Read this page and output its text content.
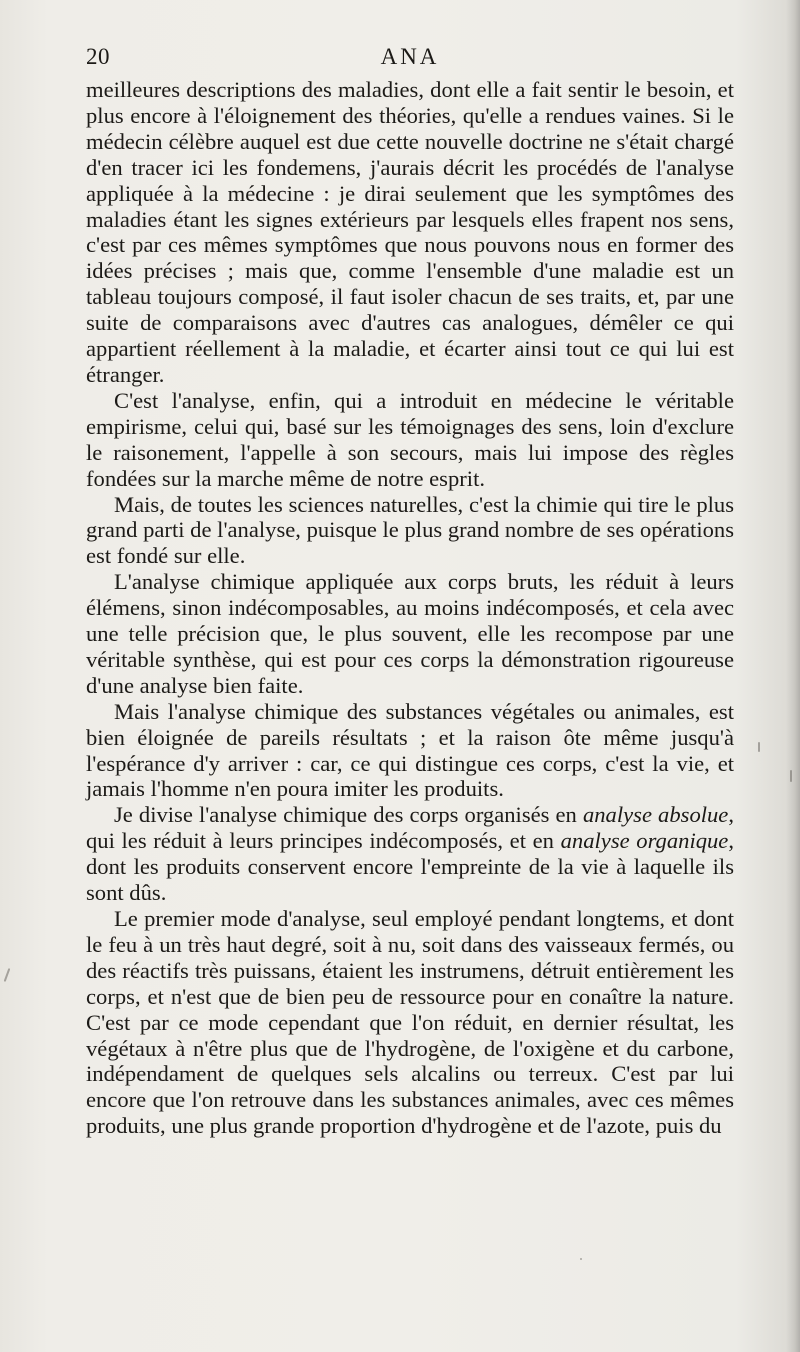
20	ANA

meilleures descriptions des maladies, dont elle a fait sentir le besoin, et plus encore à l'éloignement des théories, qu'elle a rendues vaines. Si le médecin célèbre auquel est due cette nouvelle doctrine ne s'était chargé d'en tracer ici les fondemens, j'aurais décrit les procédés de l'analyse appliquée à la médecine : je dirai seulement que les symptômes des maladies étant les signes extérieurs par lesquels elles frapent nos sens, c'est par ces mêmes symptômes que nous pouvons nous en former des idées précises ; mais que, comme l'ensemble d'une maladie est un tableau toujours composé, il faut isoler chacun de ses traits, et, par une suite de comparaisons avec d'autres cas analogues, démêler ce qui appartient réellement à la maladie, et écarter ainsi tout ce qui lui est étranger.

C'est l'analyse, enfin, qui a introduit en médecine le véritable empirisme, celui qui, basé sur les témoignages des sens, loin d'exclure le raisonement, l'appelle à son secours, mais lui impose des règles fondées sur la marche même de notre esprit.

Mais, de toutes les sciences naturelles, c'est la chimie qui tire le plus grand parti de l'analyse, puisque le plus grand nombre de ses opérations est fondé sur elle.

L'analyse chimique appliquée aux corps bruts, les réduit à leurs élémens, sinon indécomposables, au moins indécomposés, et cela avec une telle précision que, le plus souvent, elle les recompose par une véritable synthèse, qui est pour ces corps la démonstration rigoureuse d'une analyse bien faite.

Mais l'analyse chimique des substances végétales ou animales, est bien éloignée de pareils résultats ; et la raison ôte même jusqu'à l'espérance d'y arriver : car, ce qui distingue ces corps, c'est la vie, et jamais l'homme n'en poura imiter les produits.

Je divise l'analyse chimique des corps organisés en analyse absolue, qui les réduit à leurs principes indécomposés, et en analyse organique, dont les produits conservent encore l'empreinte de la vie à laquelle ils sont dûs.

Le premier mode d'analyse, seul employé pendant longtems, et dont le feu à un très haut degré, soit à nu, soit dans des vaisseaux fermés, ou des réactifs très puissans, étaient les instrumens, détruit entièrement les corps, et n'est que de bien peu de ressource pour en conaître la nature. C'est par ce mode cependant que l'on réduit, en dernier résultat, les végétaux à n'être plus que de l'hydrogène, de l'oxigène et du carbone, indépendament de quelques sels alcalins ou terreux. C'est par lui encore que l'on retrouve dans les substances animales, avec ces mêmes produits, une plus grande proportion d'hydrogène et de l'azote, puis du
